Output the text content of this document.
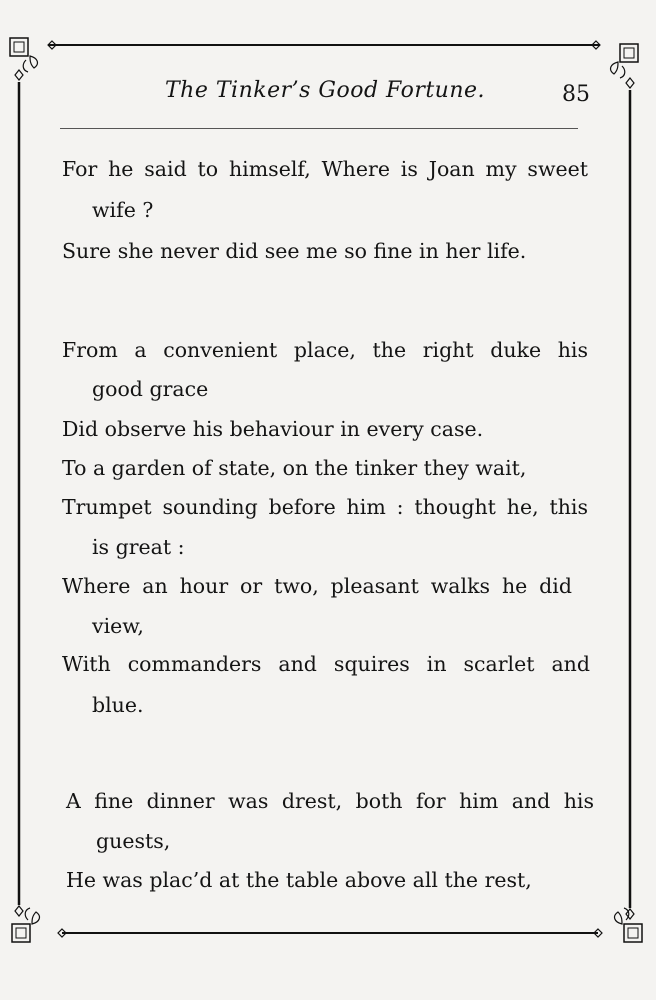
The Tinker’s Good Fortune.	85
For he said to himself, Where is Joan my sweet
wife ?
Sure she never did see me so fine in her life.
From a convenient place, the right duke his
good grace
Did observe his behaviour in every case.
To a garden of state, on the tinker they wait,
Trumpet sounding before him : thought he, this
is great :
Where an hour or two, pleasant walks he did
view,
With commanders and squires in scarlet and
blue.
A fine dinner was drest, both for him and his
guests,
He was plac’d at the table above all the rest,
